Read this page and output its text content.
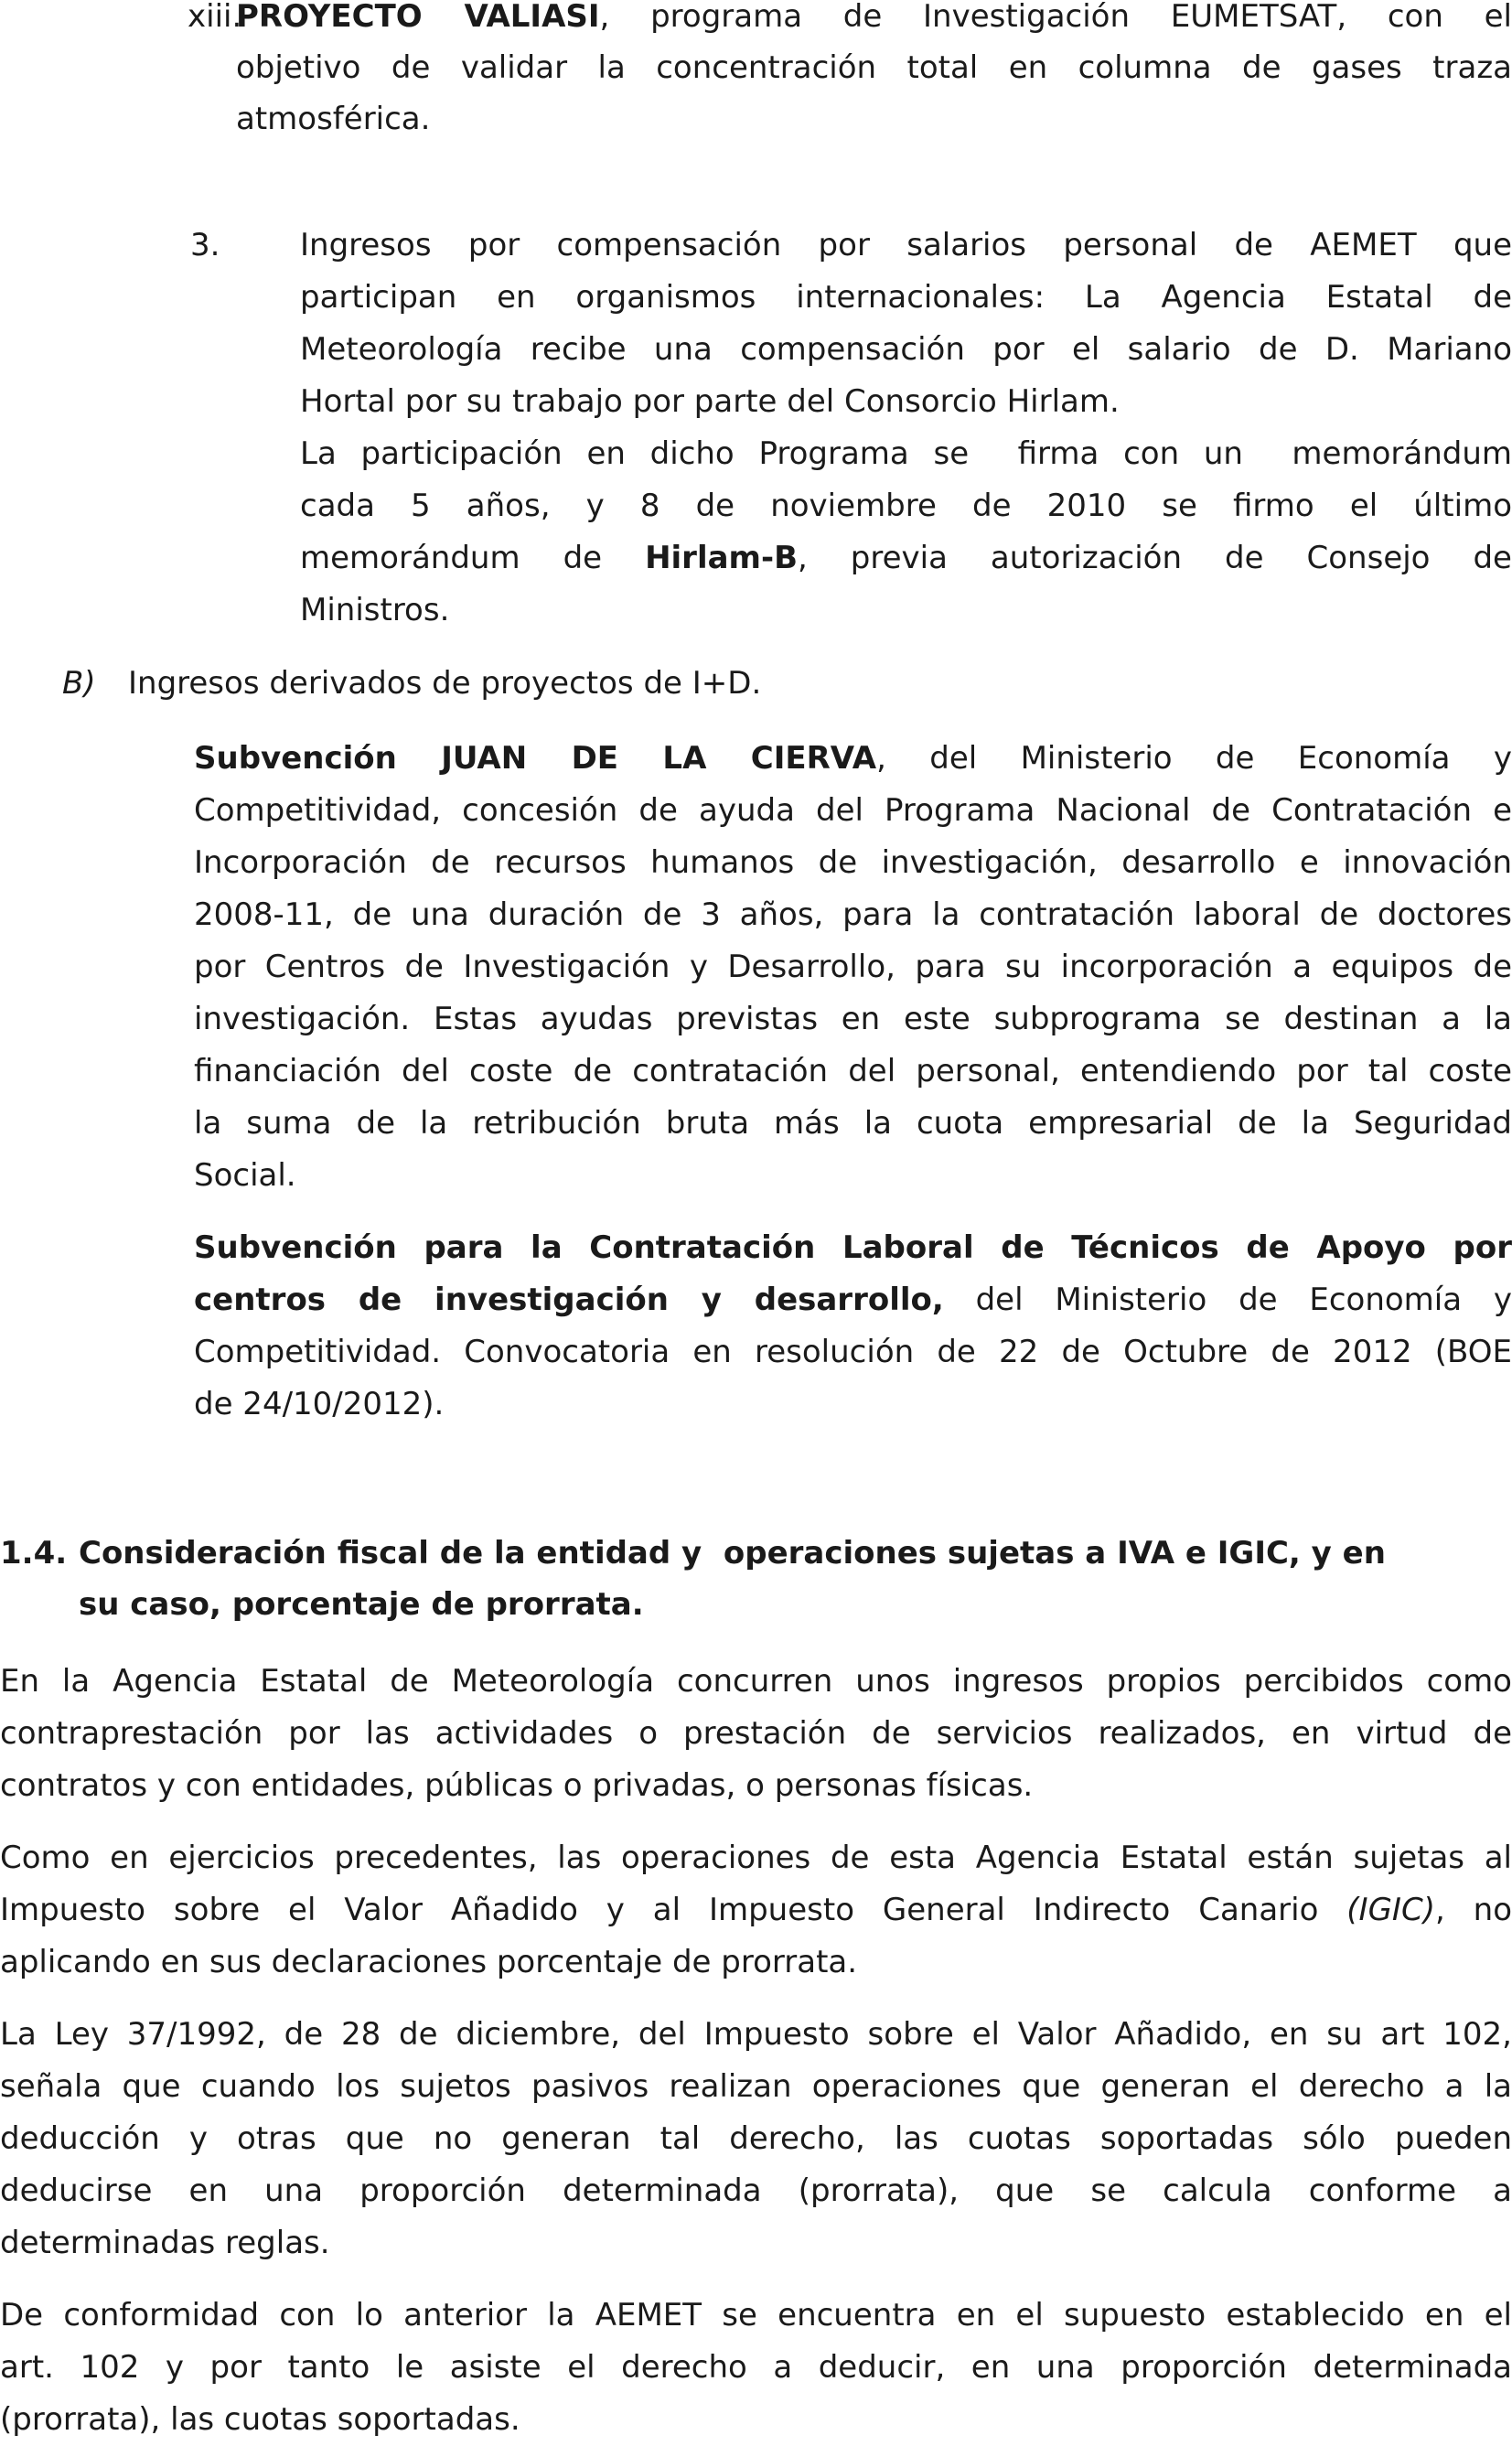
xiii.
PROYECTO VALIASI, programa de Investigación EUMETSAT, con el
objetivo de validar la concentración total en columna de gases traza
atmosférica.
3.	Ingresos por compensación por salarios personal de AEMET que
participan en organismos internacionales: La Agencia Estatal de
Meteorología recibe una compensación por el salario de D. Mariano
Hortal por su trabajo por parte del Consorcio Hirlam.
La participación en dicho Programa se  firma con un  memorándum
cada 5 años, y 8 de noviembre de 2010 se firmo el último
memorándum de Hirlam-B, previa autorización de Consejo de
Ministros.
B) Ingresos derivados de proyectos de I+D.
Subvención JUAN DE LA CIERVA, del Ministerio de Economía y
Competitividad, concesión de ayuda del Programa Nacional de Contratación e
Incorporación de recursos humanos de investigación, desarrollo e innovación
2008-11, de una duración de 3 años, para la contratación laboral de doctores
por Centros de Investigación y Desarrollo, para su incorporación a equipos de
investigación. Estas ayudas previstas en este subprograma se destinan a la
financiación del coste de contratación del personal, entendiendo por tal coste
la suma de la retribución bruta más la cuota empresarial de la Seguridad
Social.
Subvención para la Contratación Laboral de Técnicos de Apoyo por
centros de investigación y desarrollo, del Ministerio de Economía y
Competitividad. Convocatoria en resolución de 22 de Octubre de 2012 (BOE
de 24/10/2012).
1.4. Consideración fiscal de la entidad y  operaciones sujetas a IVA e IGIC, y en
su caso, porcentaje de prorrata.
En la Agencia Estatal de Meteorología concurren unos ingresos propios percibidos como
contraprestación por las actividades o prestación de servicios realizados, en virtud de
contratos y con entidades, públicas o privadas, o personas físicas.
Como en ejercicios precedentes, las operaciones de esta Agencia Estatal están sujetas al
Impuesto sobre el Valor Añadido y al Impuesto General Indirecto Canario (IGIC), no
aplicando en sus declaraciones porcentaje de prorrata.
La Ley 37/1992, de 28 de diciembre, del Impuesto sobre el Valor Añadido, en su art 102,
señala que cuando los sujetos pasivos realizan operaciones que generan el derecho a la
deducción y otras que no generan tal derecho, las cuotas soportadas sólo pueden
deducirse en una proporción determinada (prorrata), que se calcula conforme a
determinadas reglas.
De conformidad con lo anterior la AEMET se encuentra en el supuesto establecido en el
art. 102 y por tanto le asiste el derecho a deducir, en una proporción determinada
(prorrata), las cuotas soportadas.
